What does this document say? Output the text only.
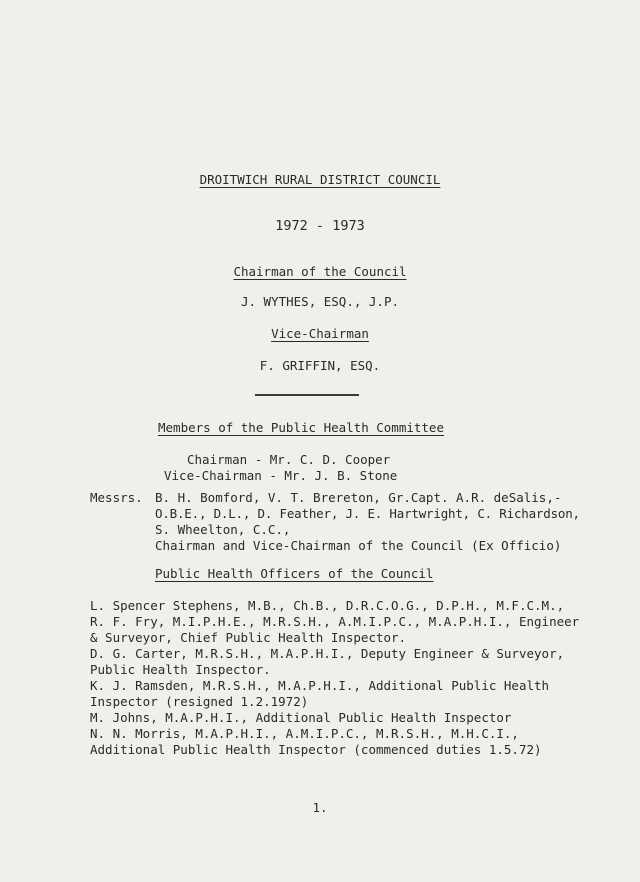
DROITWICH RURAL DISTRICT COUNCIL
1972 - 1973
Chairman of the Council
J. WYTHES, ESQ., J.P.
Vice-Chairman
F. GRIFFIN, ESQ.
Members of the Public Health Committee
Chairman - Mr. C. D. Cooper
Vice-Chairman - Mr. J. B. Stone
Messrs. B. H. Bomford, V. T. Brereton, Gr.Capt. A.R. deSalis,-
O.B.E., D.L., D. Feather, J. E. Hartwright, C. Richardson,
S. Wheelton, C.C.,
Chairman and Vice-Chairman of the Council (Ex Officio)
Public Health Officers of the Council
L. Spencer Stephens, M.B., Ch.B., D.R.C.O.G., D.P.H., M.F.C.M.,
R. F. Fry, M.I.P.H.E., M.R.S.H., A.M.I.P.C., M.A.P.H.I., Engineer
& Surveyor, Chief Public Health Inspector.
D. G. Carter, M.R.S.H., M.A.P.H.I., Deputy Engineer & Surveyor,
Public Health Inspector.
K. J. Ramsden, M.R.S.H., M.A.P.H.I., Additional Public Health
Inspector (resigned 1.2.1972)
M. Johns, M.A.P.H.I., Additional Public Health Inspector
N. N. Morris, M.A.P.H.I., A.M.I.P.C., M.R.S.H., M.H.C.I.,
Additional Public Health Inspector (commenced duties 1.5.72)
1.
